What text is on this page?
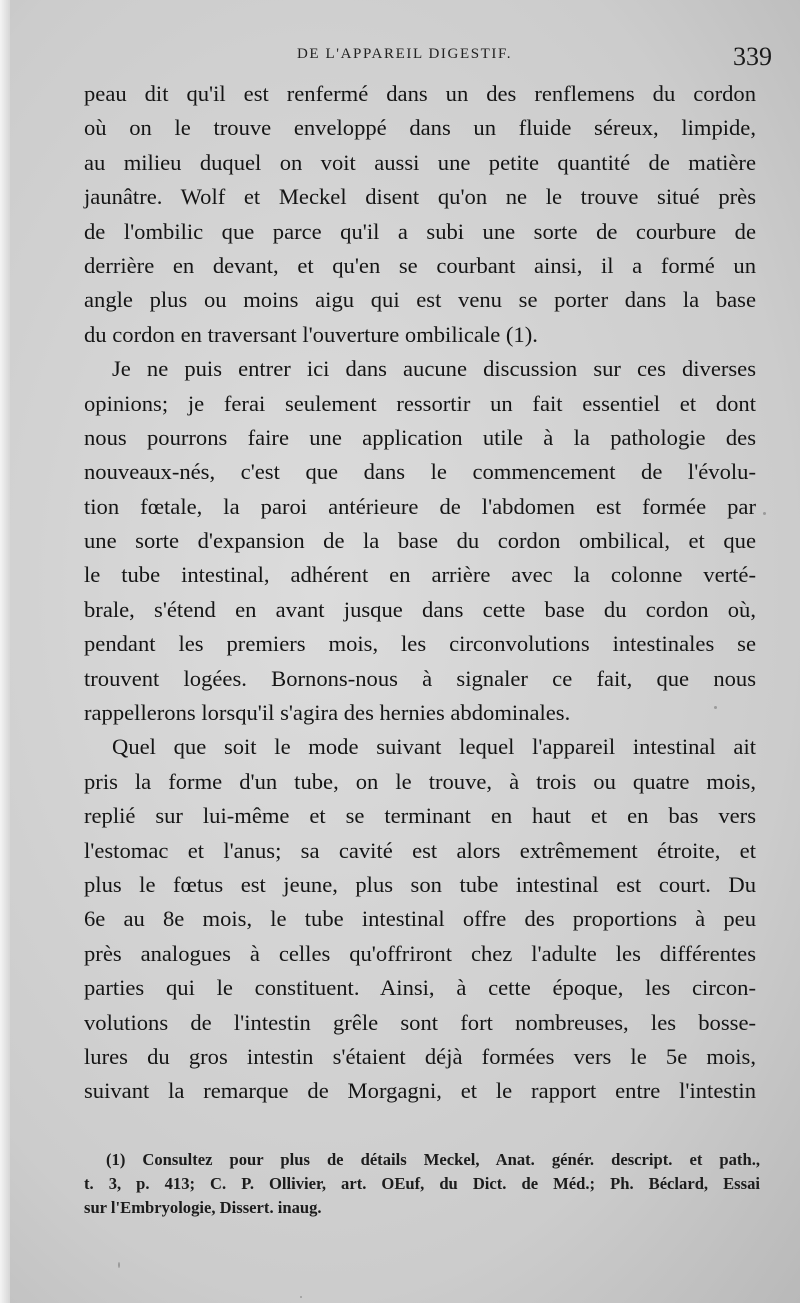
DE L'APPAREIL DIGESTIF.	339
peau dit qu'il est renfermé dans un des renflemens du cordon
où on le trouve enveloppé dans un fluide séreux, limpide,
au milieu duquel on voit aussi une petite quantité de matière
jaunâtre. Wolf et Meckel disent qu'on ne le trouve situé près
de l'ombilic que parce qu'il a subi une sorte de courbure de
derrière en devant, et qu'en se courbant ainsi, il a formé un
angle plus ou moins aigu qui est venu se porter dans la base
du cordon en traversant l'ouverture ombilicale (1).
Je ne puis entrer ici dans aucune discussion sur ces diverses
opinions; je ferai seulement ressortir un fait essentiel et dont
nous pourrons faire une application utile à la pathologie des
nouveaux-nés, c'est que dans le commencement de l'évolu-
tion fœtale, la paroi antérieure de l'abdomen est formée par
une sorte d'expansion de la base du cordon ombilical, et que
le tube intestinal, adhérent en arrière avec la colonne verté-
brale, s'étend en avant jusque dans cette base du cordon où,
pendant les premiers mois, les circonvolutions intestinales se
trouvent logées. Bornons-nous à signaler ce fait, que nous
rappellerons lorsqu'il s'agira des hernies abdominales.
Quel que soit le mode suivant lequel l'appareil intestinal ait
pris la forme d'un tube, on le trouve, à trois ou quatre mois,
replié sur lui-même et se terminant en haut et en bas vers
l'estomac et l'anus; sa cavité est alors extrêmement étroite, et
plus le fœtus est jeune, plus son tube intestinal est court. Du
6e au 8e mois, le tube intestinal offre des proportions à peu
près analogues à celles qu'offriront chez l'adulte les différentes
parties qui le constituent. Ainsi, à cette époque, les circon-
volutions de l'intestin grêle sont fort nombreuses, les bosse-
lures du gros intestin s'étaient déjà formées vers le 5e mois,
suivant la remarque de Morgagni, et le rapport entre l'intestin
(1) Consultez pour plus de détails Meckel, Anat. génér. descript. et path.,
t. 3, p. 413; C. P. Ollivier, art. OEuf, du Dict. de Méd.; Ph. Béclard, Essai
sur l'Embryologie, Dissert. inaug.
